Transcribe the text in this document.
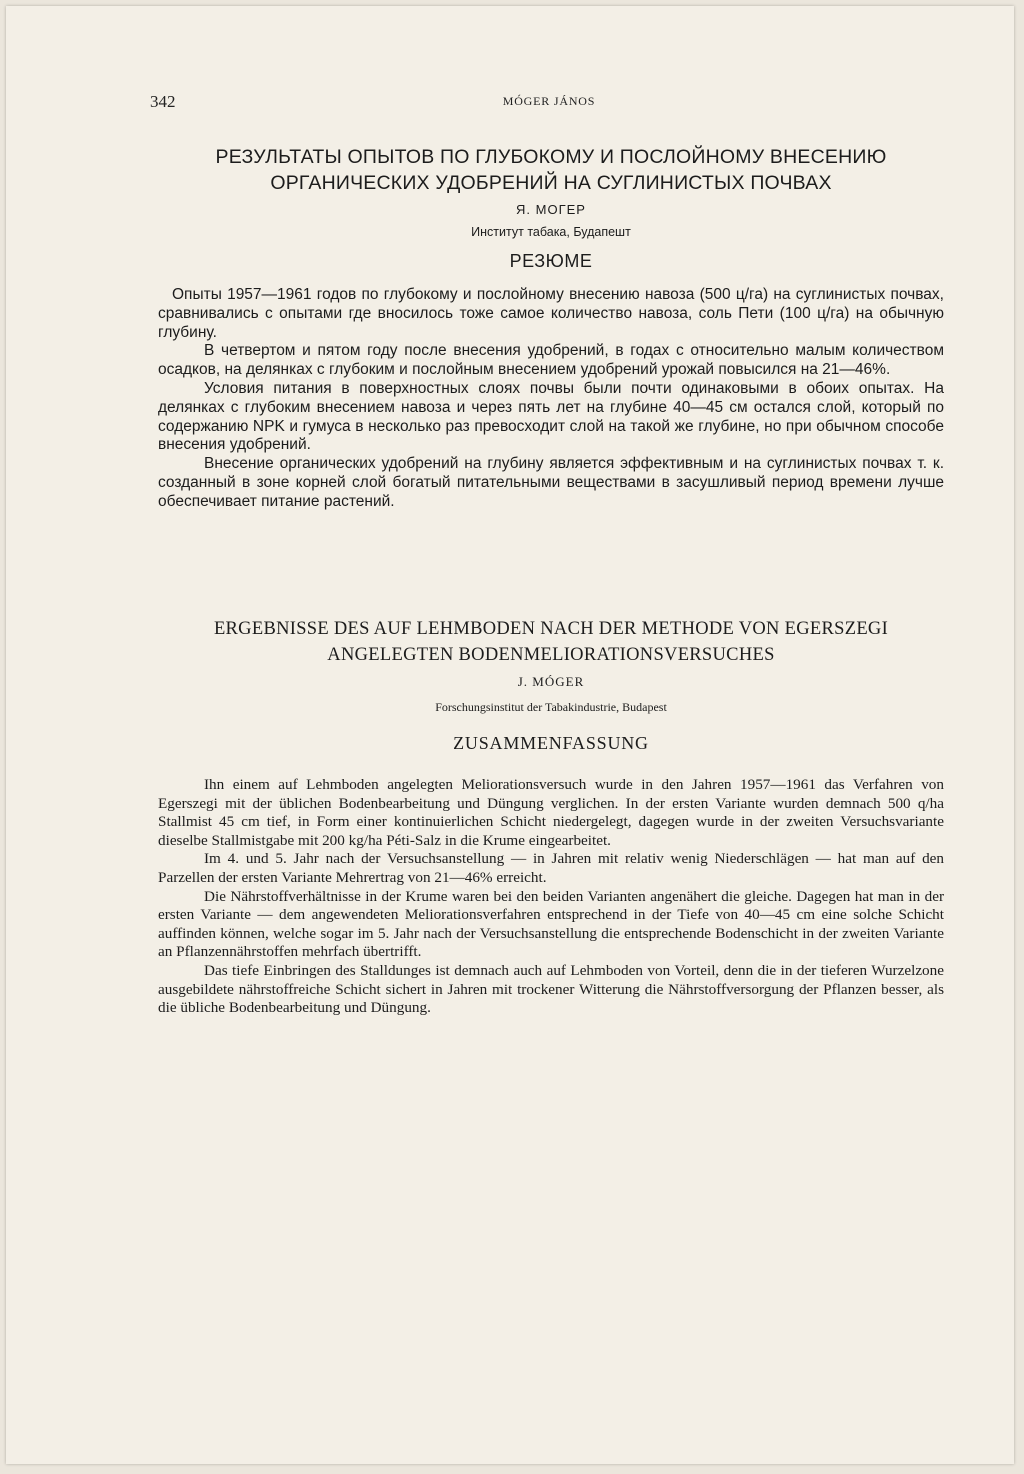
342	MÓGER JÁNOS
РЕЗУЛЬТАТЫ ОПЫТОВ ПО ГЛУБОКОМУ И ПОСЛОЙНОМУ ВНЕСЕНИЮ
ОРГАНИЧЕСКИХ УДОБРЕНИЙ НА СУГЛИНИСТЫХ ПОЧВАХ
Я. МОГЕР
Институт табака, Будапешт
РЕЗЮМЕ

Опыты 1957—1961 годов по глубокому и послойному внесению навоза (500 ц/га) на суглинистых почвах, сравнивались с опытами где вносилось тоже самое количество навоза, соль Пети (100 ц/га) на обычную глубину.

В четвертом и пятом году после внесения удобрений, в годах с относительно малым количеством осадков, на делянках с глубоким и послойным внесением удобрений урожай повысился на 21—46%.

Условия питания в поверхностных слоях почвы были почти одинаковыми в обоих опытах. На делянках с глубоким внесением навоза и через пять лет на глубине 40—45 см остался слой, который по содержанию NPK и гумуса в несколько раз превосходит слой на такой же глубине, но при обычном способе внесения удобрений.

Внесение органических удобрений на глубину является эффективным и на суглинистых почвах т. к. созданный в зоне корней слой богатый питательными веществами в засушливый период времени лучше обеспечивает питание растений.

ERGEBNISSE DES AUF LEHMBODEN NACH DER METHODE VON EGERSZEGI
ANGELEGTEN BODENMELIORATIONSVERSUCHES
J. MÓGER
Forschungsinstitut der Tabakindustrie, Budapest
ZUSAMMENFASSUNG

Ihn einem auf Lehmboden angelegten Meliorationsversuch wurde in den Jahren 1957—1961 das Verfahren von Egerszegi mit der üblichen Bodenbearbeitung und Düngung verglichen. In der ersten Variante wurden demnach 500 q/ha Stallmist 45 cm tief, in Form einer kontinuierlichen Schicht niedergelegt, dagegen wurde in der zweiten Versuchsvariante dieselbe Stallmistgabe mit 200 kg/ha Péti-Salz in die Krume eingearbeitet.

Im 4. und 5. Jahr nach der Versuchsanstellung — in Jahren mit relativ wenig Niederschlägen — hat man auf den Parzellen der ersten Variante Mehrertrag von 21—46% erreicht.

Die Nährstoffverhältnisse in der Krume waren bei den beiden Varianten angenähert die gleiche. Dagegen hat man in der ersten Variante — dem angewendeten Meliorationsverfahren entsprechend in der Tiefe von 40—45 cm eine solche Schicht auffinden können, welche sogar im 5. Jahr nach der Versuchsanstellung die entsprechende Bodenschicht in der zweiten Variante an Pflanzennährstoffen mehrfach übertrifft.

Das tiefe Einbringen des Stalldunges ist demnach auch auf Lehmboden von Vorteil, denn die in der tieferen Wurzelzone ausgebildete nährstoffreiche Schicht sichert in Jahren mit trockener Witterung die Nährstoffversorgung der Pflanzen besser, als die übliche Bodenbearbeitung und Düngung.
